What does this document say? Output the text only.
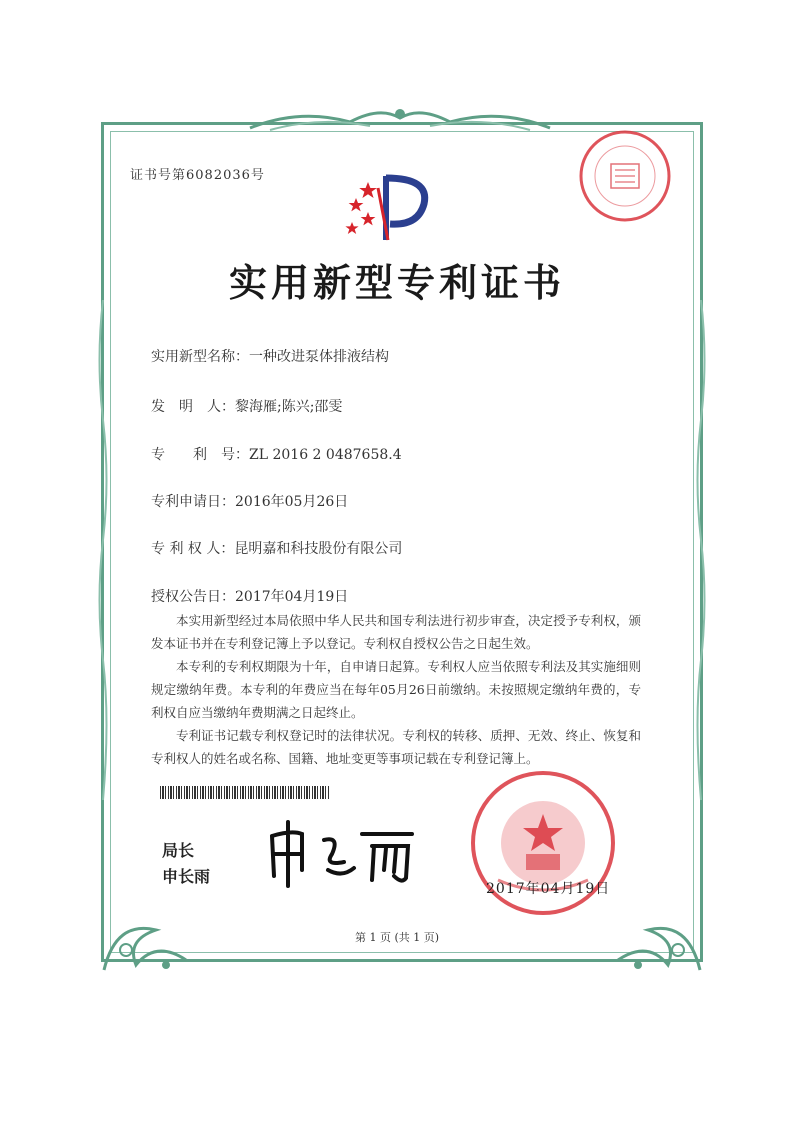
证书号第6082036号
实用新型专利证书
实用新型名称：一种改进泵体排液结构
发　明　人：黎海雁;陈兴;邵雯
专　　利　号：ZL 2016 2 0487658.4
专利申请日：2016年05月26日
专 利 权 人：昆明嘉和科技股份有限公司
授权公告日：2017年04月19日

本实用新型经过本局依照中华人民共和国专利法进行初步审查，决定授予专利权，颁发本证书并在专利登记簿上予以登记。专利权自授权公告之日起生效。

本专利的专利权期限为十年，自申请日起算。专利权人应当依照专利法及其实施细则规定缴纳年费。本专利的年费应当在每年05月26日前缴纳。未按照规定缴纳年费的，专利权自应当缴纳年费期满之日起终止。

专利证书记载专利权登记时的法律状况。专利权的转移、质押、无效、终止、恢复和专利权人的姓名或名称、国籍、地址变更等事项记载在专利登记簿上。

局长
申长雨
2017年04月19日
第 1 页 (共 1 页)
